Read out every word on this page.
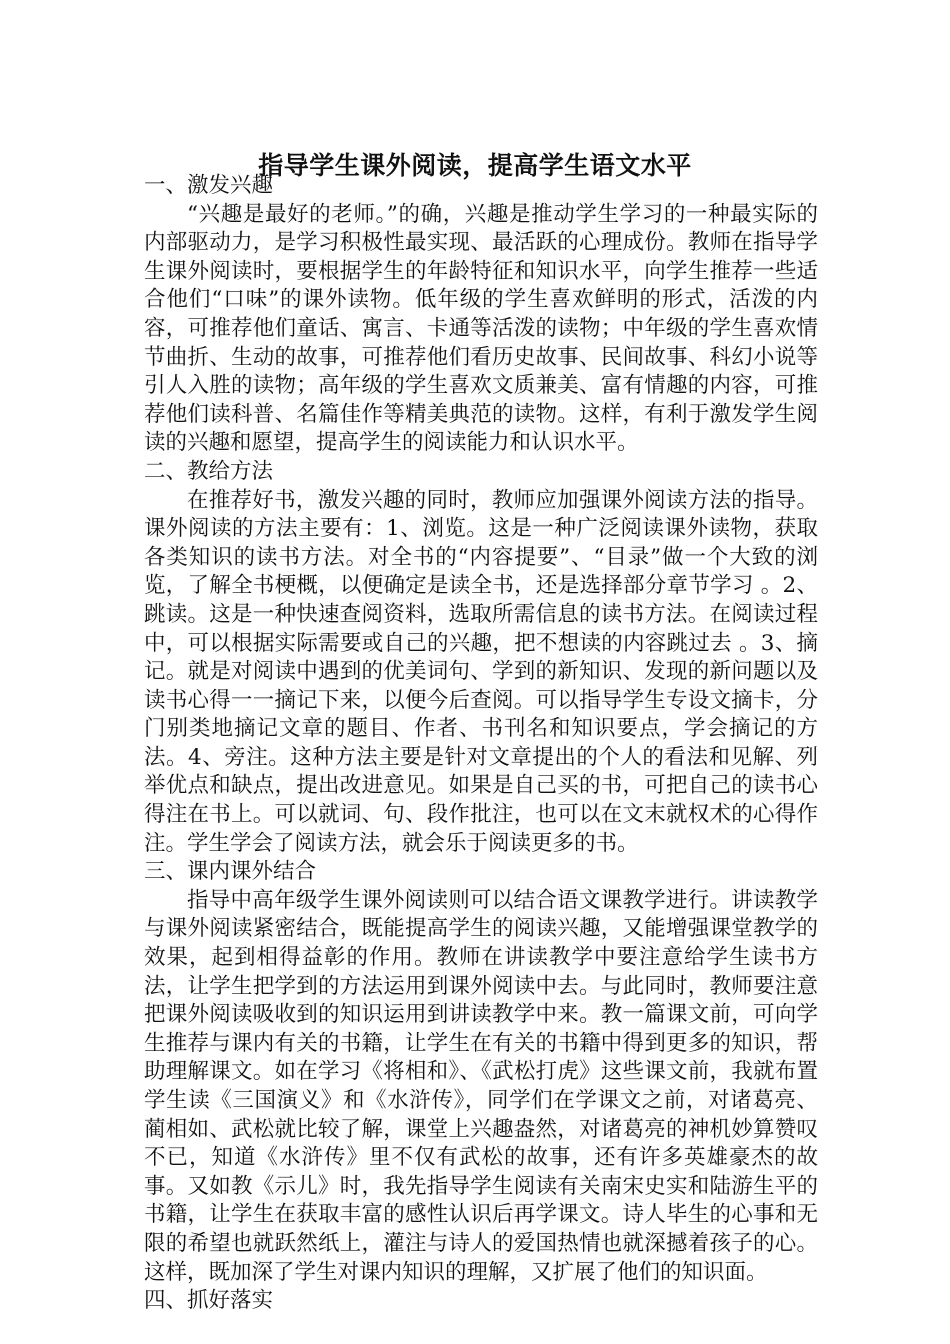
指导学生课外阅读，提高学生语文水平
一、激发兴趣

“兴趣是最好的老师。”的确，兴趣是推动学生学习的一种最实际的内部驱动力，是学习积极性最实现、最活跃的心理成份。教师在指导学生课外阅读时，要根据学生的年龄特征和知识水平，向学生推荐一些适合他们“口味”的课外读物。低年级的学生喜欢鲜明的形式，活泼的内容，可推荐他们童话、寓言、卡通等活泼的读物；中年级的学生喜欢情节曲折、生动的故事，可推荐他们看历史故事、民间故事、科幻小说等引人入胜的读物；高年级的学生喜欢文质兼美、富有情趣的内容，可推荐他们读科普、名篇佳作等精美典范的读物。这样，有利于激发学生阅读的兴趣和愿望，提高学生的阅读能力和认识水平。

二、教给方法

在推荐好书，激发兴趣的同时，教师应加强课外阅读方法的指导。课外阅读的方法主要有：1、浏览。这是一种广泛阅读课外读物，获取各类知识的读书方法。对全书的“内容提要”、“目录”做一个大致的浏览，了解全书梗概，以便确定是读全书，还是选择部分章节学习 。2、跳读。这是一种快速查阅资料，选取所需信息的读书方法。在阅读过程中，可以根据实际需要或自己的兴趣，把不想读的内容跳过去 。3、摘记。就是对阅读中遇到的优美词句、学到的新知识、发现的新问题以及读书心得一一摘记下来，以便今后查阅。可以指导学生专设文摘卡，分门别类地摘记文章的题目、作者、书刊名和知识要点，学会摘记的方法。4、旁注。这种方法主要是针对文章提出的个人的看法和见解、列举优点和缺点，提出改进意见。如果是自己买的书，可把自己的读书心得注在书上。可以就词、句、段作批注，也可以在文末就权术的心得作注。学生学会了阅读方法，就会乐于阅读更多的书。

三、课内课外结合

指导中高年级学生课外阅读则可以结合语文课教学进行。讲读教学与课外阅读紧密结合，既能提高学生的阅读兴趣，又能增强课堂教学的效果，起到相得益彰的作用。教师在讲读教学中要注意给学生读书方法，让学生把学到的方法运用到课外阅读中去。与此同时，教师要注意把课外阅读吸收到的知识运用到讲读教学中来。教一篇课文前，可向学生推荐与课内有关的书籍，让学生在有关的书籍中得到更多的知识，帮助理解课文。如在学习《将相和》、《武松打虎》这些课文前，我就布置学生读《三国演义》和《水浒传》，同学们在学课文之前，对诸葛亮、蔺相如、武松就比较了解，课堂上兴趣盎然，对诸葛亮的神机妙算赞叹不已，知道《水浒传》里不仅有武松的故事，还有许多英雄豪杰的故事。又如教《示儿》时，我先指导学生阅读有关南宋史实和陆游生平的书籍，让学生在获取丰富的感性认识后再学课文。诗人毕生的心事和无限的希望也就跃然纸上，灌注与诗人的爱国热情也就深撼着孩子的心。这样，既加深了学生对课内知识的理解，又扩展了他们的知识面。

四、抓好落实
